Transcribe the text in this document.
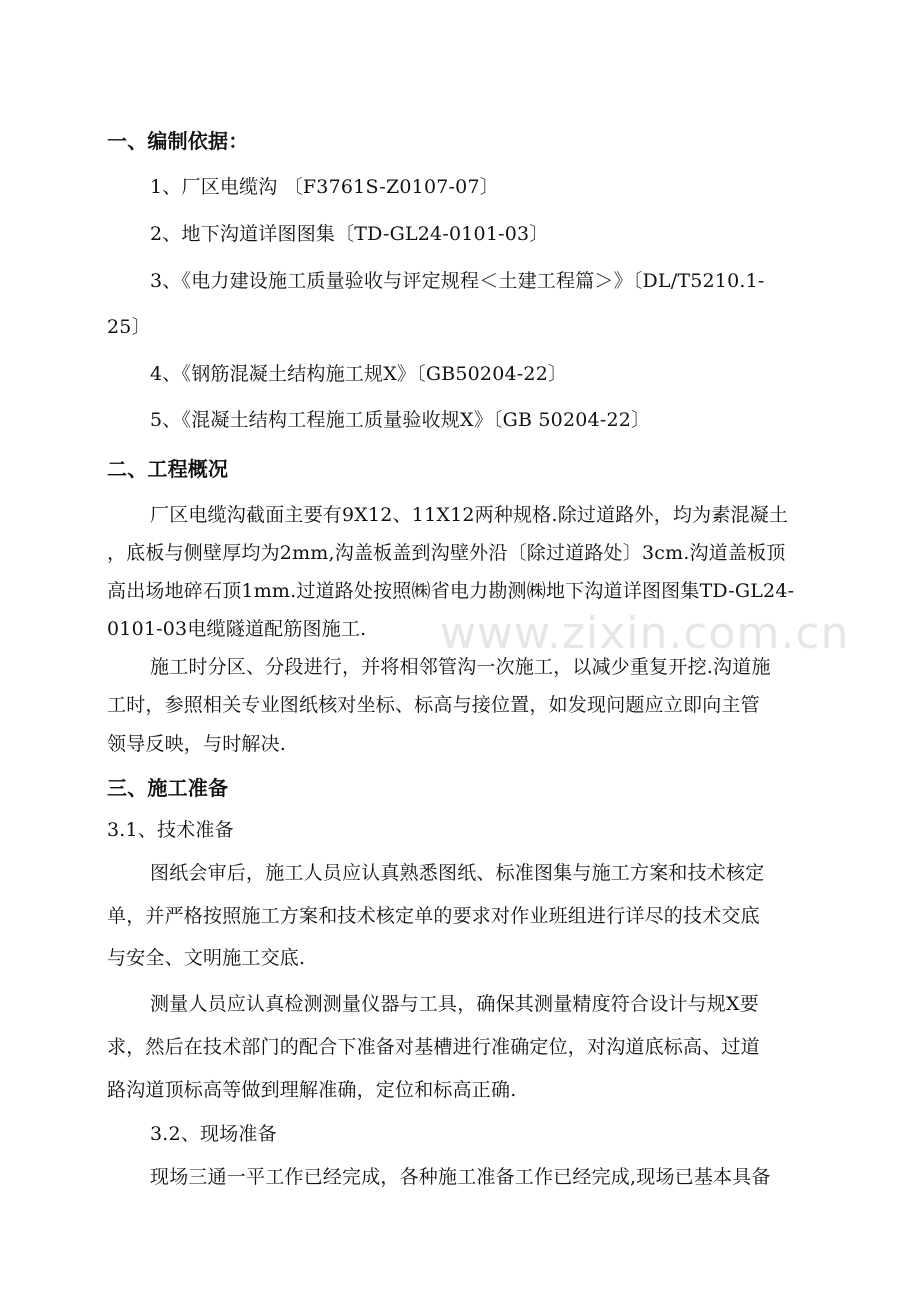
www.zixin.com.cn
一、编制依据：
1、厂区电缆沟 〔F3761S-Z0107-07〕
2、地下沟道详图图集〔TD-GL24-0101-03〕
3、《电力建设施工质量验收与评定规程＜土建工程篇＞》〔DL/T5210.1-
25〕
4、《钢筋混凝土结构施工规X》〔GB50204-22〕
5、《混凝土结构工程施工质量验收规X》〔GB 50204-22〕
二、工程概况
厂区电缆沟截面主要有9X12、11X12两种规格.除过道路外，均为素混凝土
，底板与侧壁厚均为2mm,沟盖板盖到沟壁外沿〔除过道路处〕3cm.沟道盖板顶
高出场地碎石顶1mm.过道路处按照㈱省电力勘测㈱地下沟道详图图集TD-GL24-
0101-03电缆隧道配筋图施工.
施工时分区、分段进行，并将相邻管沟一次施工，以减少重复开挖.沟道施
工时，参照相关专业图纸核对坐标、标高与接位置，如发现问题应立即向主管
领导反映，与时解决.
三、施工准备
3.1、技术准备
图纸会审后，施工人员应认真熟悉图纸、标准图集与施工方案和技术核定
单，并严格按照施工方案和技术核定单的要求对作业班组进行详尽的技术交底
与安全、文明施工交底.
测量人员应认真检测测量仪器与工具，确保其测量精度符合设计与规X要
求，然后在技术部门的配合下准备对基槽进行准确定位，对沟道底标高、过道
路沟道顶标高等做到理解准确，定位和标高正确.
3.2、现场准备
现场三通一平工作已经完成，各种施工准备工作已经完成,现场已基本具备
